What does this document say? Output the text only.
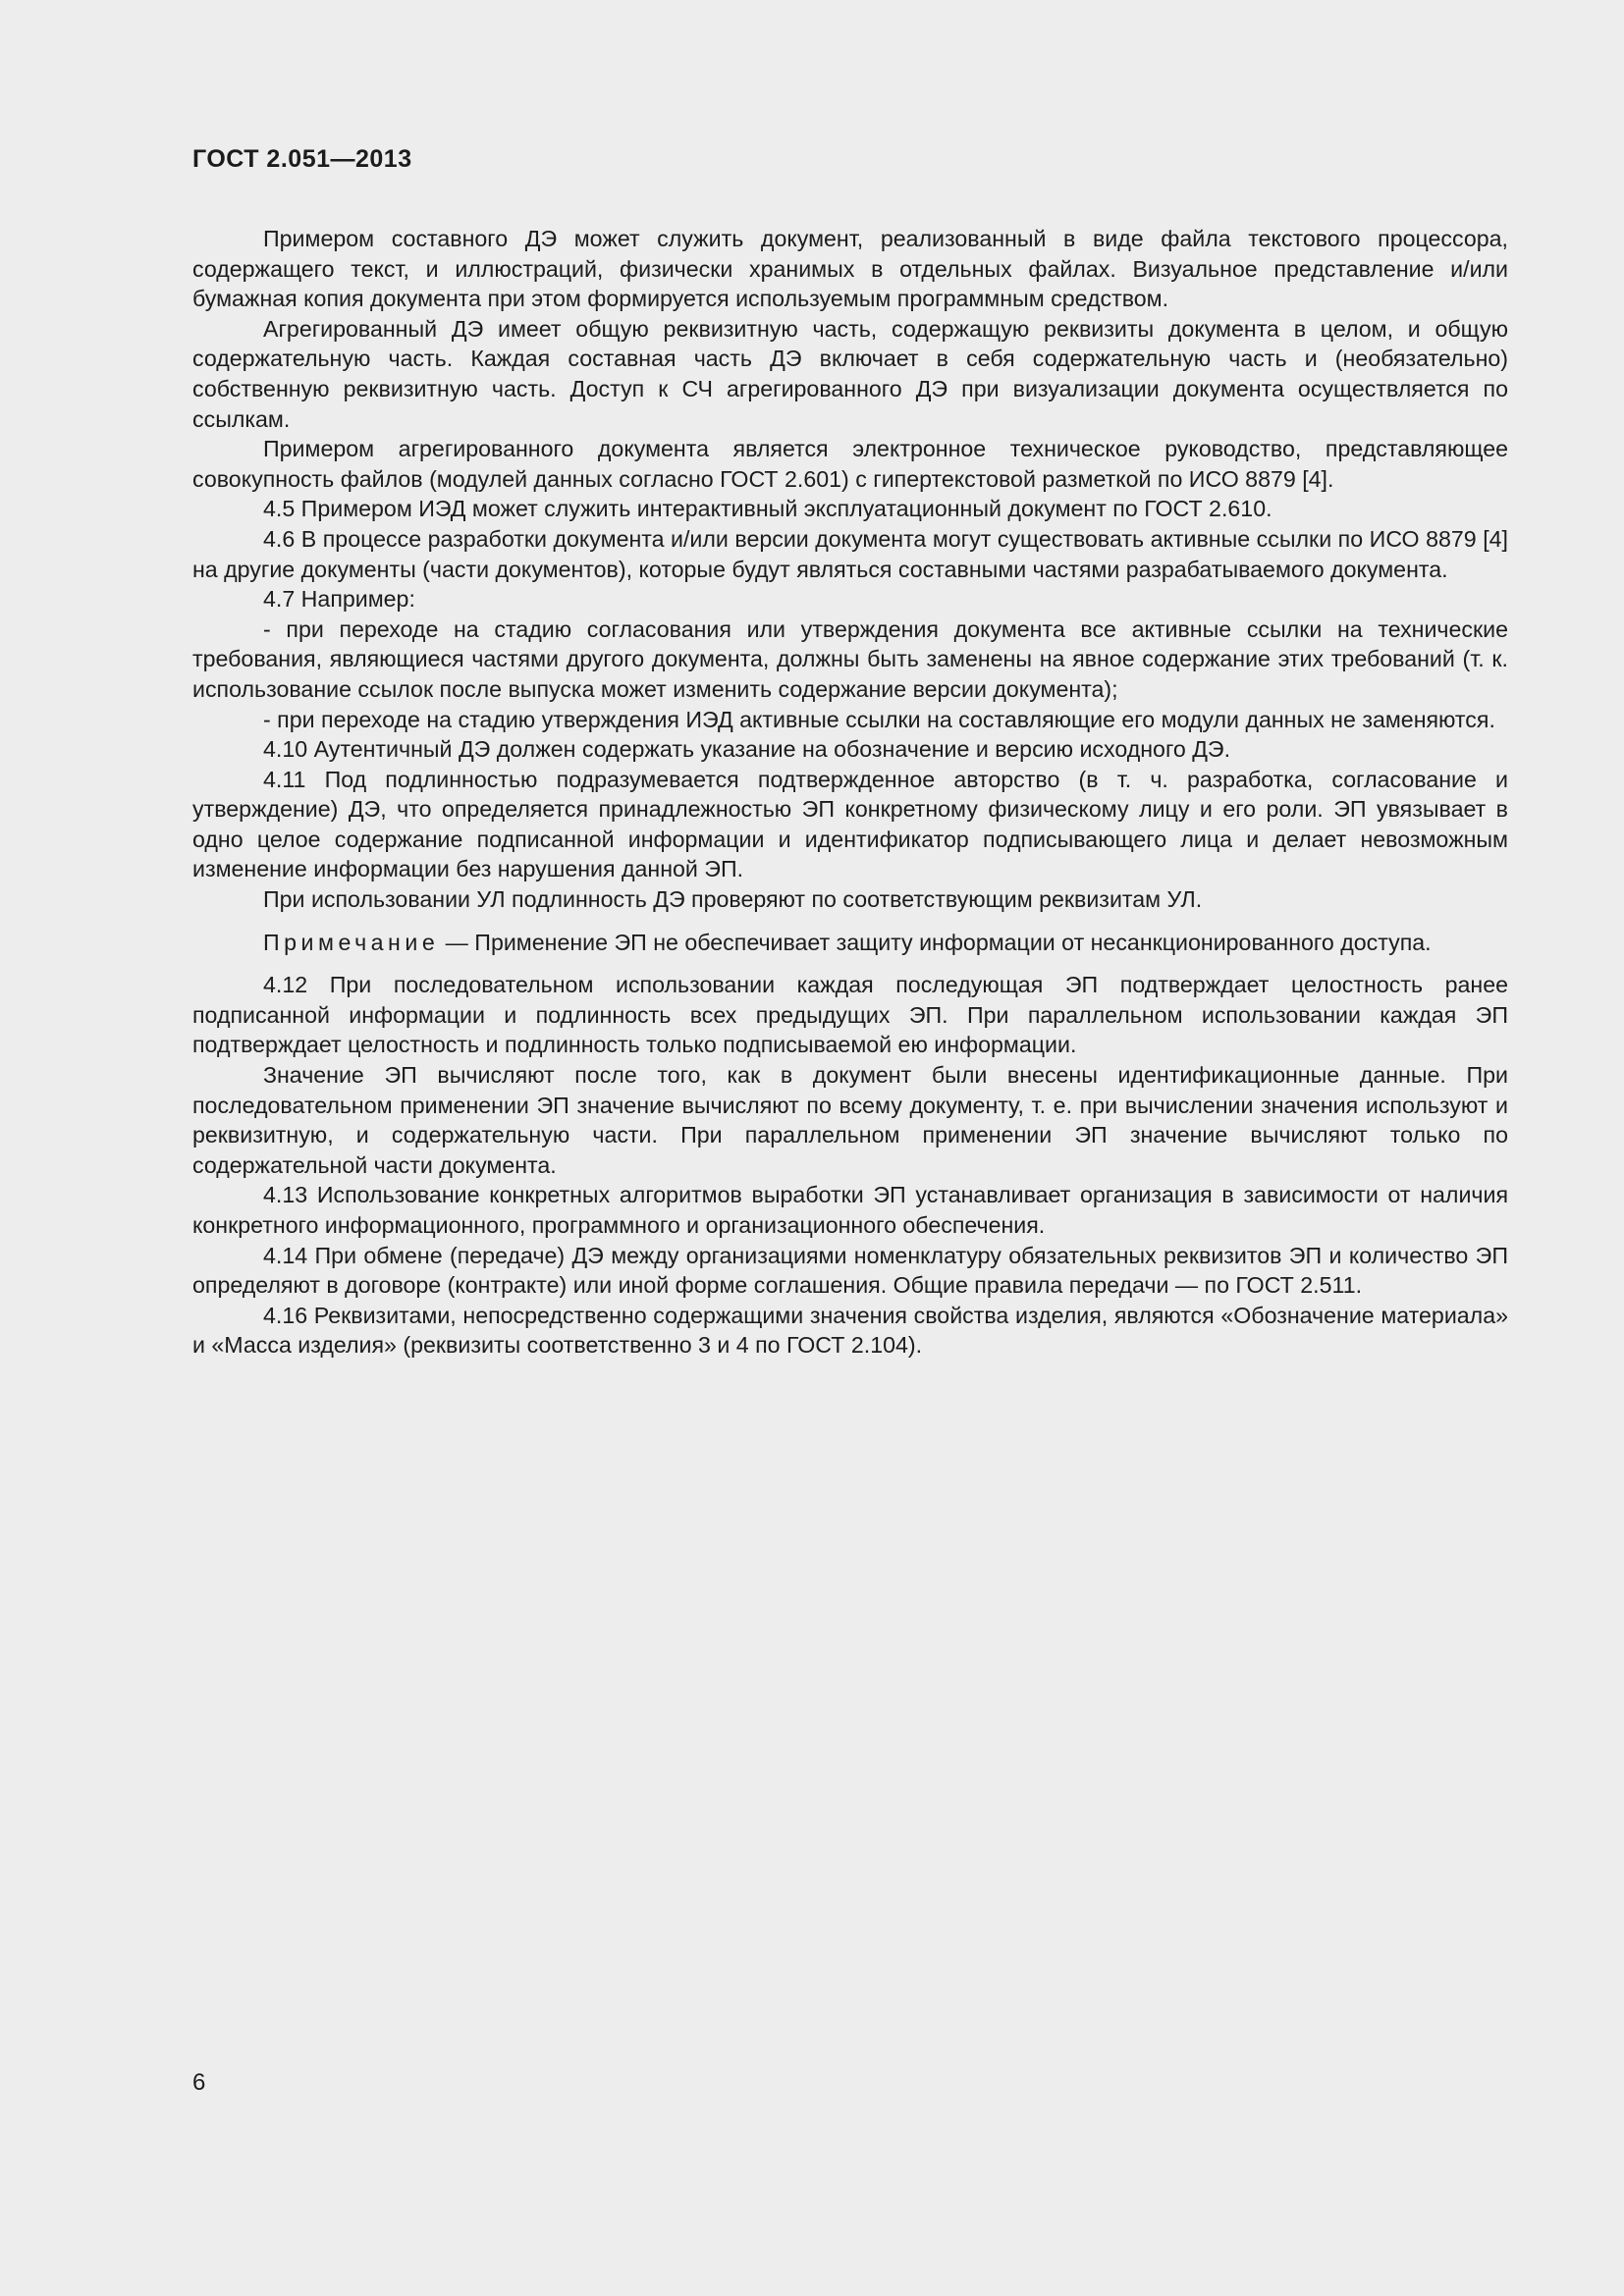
ГОСТ 2.051—2013

Примером составного ДЭ может служить документ, реализованный в виде файла текстового процессора, содержащего текст, и иллюстраций, физически хранимых в отдельных файлах. Визуальное представление и/или бумажная копия документа при этом формируется используемым программным средством.

Агрегированный ДЭ имеет общую реквизитную часть, содержащую реквизиты документа в целом, и общую содержательную часть. Каждая составная часть ДЭ включает в себя содержательную часть и (необязательно) собственную реквизитную часть. Доступ к СЧ агрегированного ДЭ при визуализации документа осуществляется по ссылкам.

Примером агрегированного документа является электронное техническое руководство, представляющее совокупность файлов (модулей данных согласно ГОСТ 2.601) с гипертекстовой разметкой по ИСО 8879 [4].

4.5 Примером ИЭД может служить интерактивный эксплуатационный документ по ГОСТ 2.610.

4.6 В процессе разработки документа и/или версии документа могут существовать активные ссылки по ИСО 8879 [4] на другие документы (части документов), которые будут являться составными частями разрабатываемого документа.

4.7 Например:

- при переходе на стадию согласования или утверждения документа все активные ссылки на технические требования, являющиеся частями другого документа, должны быть заменены на явное содержание этих требований (т. к. использование ссылок после выпуска может изменить содержание версии документа);

- при переходе на стадию утверждения ИЭД активные ссылки на составляющие его модули данных не заменяются.

4.10 Аутентичный ДЭ должен содержать указание на обозначение и версию исходного ДЭ.

4.11 Под подлинностью подразумевается подтвержденное авторство (в т. ч. разработка, согласование и утверждение) ДЭ, что определяется принадлежностью ЭП конкретному физическому лицу и его роли. ЭП увязывает в одно целое содержание подписанной информации и идентификатор подписывающего лица и делает невозможным изменение информации без нарушения данной ЭП.

При использовании УЛ подлинность ДЭ проверяют по соответствующим реквизитам УЛ.

Примечание — Применение ЭП не обеспечивает защиту информации от несанкционированного доступа.

4.12 При последовательном использовании каждая последующая ЭП подтверждает целостность ранее подписанной информации и подлинность всех предыдущих ЭП. При параллельном использовании каждая ЭП подтверждает целостность и подлинность только подписываемой ею информации.

Значение ЭП вычисляют после того, как в документ были внесены идентификационные данные. При последовательном применении ЭП значение вычисляют по всему документу, т. е. при вычислении значения используют и реквизитную, и содержательную части. При параллельном применении ЭП значение вычисляют только по содержательной части документа.

4.13 Использование конкретных алгоритмов выработки ЭП устанавливает организация в зависимости от наличия конкретного информационного, программного и организационного обеспечения.

4.14 При обмене (передаче) ДЭ между организациями номенклатуру обязательных реквизитов ЭП и количество ЭП определяют в договоре (контракте) или иной форме соглашения. Общие правила передачи — по ГОСТ 2.511.

4.16 Реквизитами, непосредственно содержащими значения свойства изделия, являются «Обозначение материала» и «Масса изделия» (реквизиты соответственно 3 и 4 по ГОСТ 2.104).

6
